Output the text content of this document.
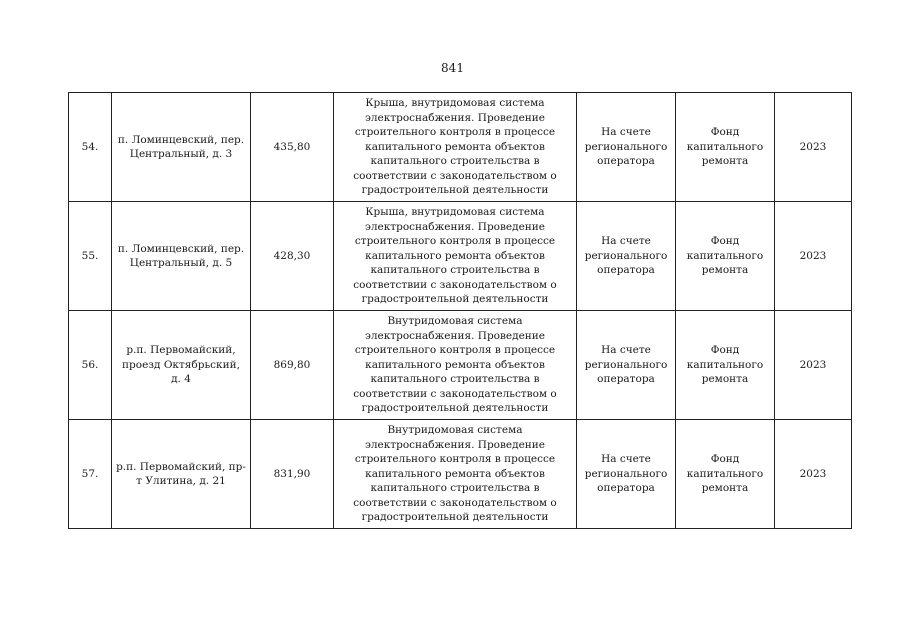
841
54.	п. Ломинцевский, пер. Центральный, д. 3	435,80	Крыша, внутридомовая система электроснабжения. Проведение строительного контроля в процессе капитального ремонта объектов капитального строительства в соответствии с законодательством о градостроительной деятельности	На счете регионального оператора	Фонд капитального ремонта	2023
55.	п. Ломинцевский, пер. Центральный, д. 5	428,30	Крыша, внутридомовая система электроснабжения. Проведение строительного контроля в процессе капитального ремонта объектов капитального строительства в соответствии с законодательством о градостроительной деятельности	На счете регионального оператора	Фонд капитального ремонта	2023
56.	р.п. Первомайский, проезд Октябрьский, д. 4	869,80	Внутридомовая система электроснабжения. Проведение строительного контроля в процессе капитального ремонта объектов капитального строительства в соответствии с законодательством о градостроительной деятельности	На счете регионального оператора	Фонд капитального ремонта	2023
57.	р.п. Первомайский, пр-т Улитина, д. 21	831,90	Внутридомовая система электроснабжения. Проведение строительного контроля в процессе капитального ремонта объектов капитального строительства в соответствии с законодательством о градостроительной деятельности	На счете регионального оператора	Фонд капитального ремонта	2023
